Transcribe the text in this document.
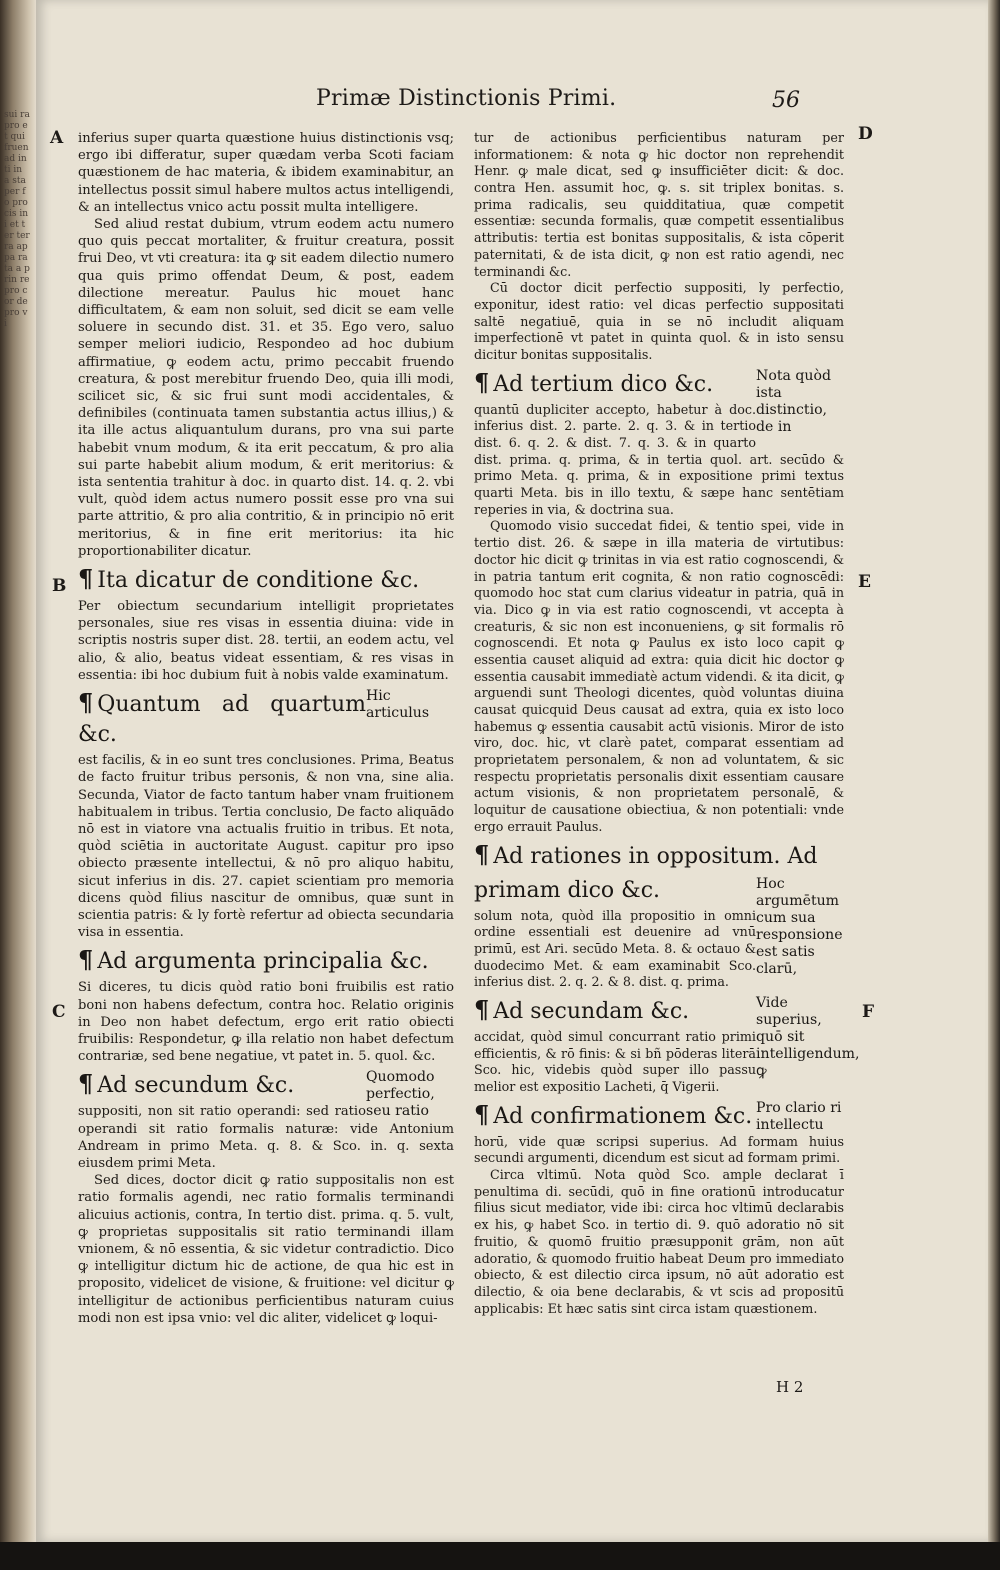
sui ra pro et qui fruen ad in ti in a sta per fo pro cis ini et ter ter ra ap pa ra ta a prin re pro cor de pro vi
Primæ Distinctionis Primi.	56
A
B
C
D
E
F

inferius super quarta quæstione huius distinctionis vsq; ergo ibi differatur, super quædam verba Scoti faciam quæstionem de hac materia, & ibidem examinabitur, an intellectus possit simul habere multos actus intelligendi, & an intellectus vnico actu possit multa intelligere.

Sed aliud restat dubium, vtrum eodem actu numero quo quis peccat mortaliter, & fruitur creatura, possit frui Deo, vt vti creatura: ita ꝙ sit eadem dilectio numero qua quis primo offendat Deum, & post, eadem dilectione mereatur. Paulus hic mouet hanc difficultatem, & eam non soluit, sed dicit se eam velle soluere in secundo dist. 31. et 35. Ego vero, saluo semper meliori iudicio, Respondeo ad hoc dubium affirmatiue, ꝙ eodem actu, primo peccabit fruendo creatura, & post merebitur fruendo Deo, quia illi modi, scilicet sic, & sic frui sunt modi accidentales, & definibiles (continuata tamen substantia actus illius,) & ita ille actus aliquantulum durans, pro vna sui parte habebit vnum modum, & ita erit peccatum, & pro alia sui parte habebit alium modum, & erit meritorius: & ista sententia trahitur à doc. in quarto dist. 14. q. 2. vbi vult, quòd idem actus numero possit esse pro vna sui parte attritio, & pro alia contritio, & in principio nō erit meritorius, & in fine erit meritorius: ita hic proportionabiliter dicatur.

¶ Ita dicatur de conditione &c.

Per obiectum secundarium intelligit proprietates personales, siue res visas in essentia diuina: vide in scriptis nostris super dist. 28. tertii, an eodem actu, vel alio, & alio, beatus videat essentiam, & res visas in essentia: ibi hoc dubium fuit à nobis valde examinatum.

Hic articulus
¶ Quantum ad quartum &c.

est facilis, & in eo sunt tres conclusiones. Prima, Beatus de facto fruitur tribus personis, & non vna, sine alia. Secunda, Viator de facto tantum haber vnam fruitionem habitualem in tribus. Tertia conclusio, De facto aliquādo nō est in viatore vna actualis fruitio in tribus. Et nota, quòd sciētia in auctoritate August. capitur pro ipso obiecto præsente intellectui, & nō pro aliquo habitu, sicut inferius in dis. 27. capiet scientiam pro memoria dicens quòd filius nascitur de omnibus, quæ sunt in scientia patris: & ly fortè refertur ad obiecta secundaria visa in essentia.

¶ Ad argumenta principalia &c.

Si diceres, tu dicis quòd ratio boni fruibilis est ratio boni non habens defectum, contra hoc. Relatio originis in Deo non habet defectum, ergo erit ratio obiecti fruibilis: Respondetur, ꝙ illa relatio non habet defectum contrariæ, sed bene negatiue, vt patet in. 5. quol. &c.

Quomodo perfectio, seu ratio
¶ Ad secundum &c.

suppositi, non sit ratio operandi: sed ratio operandi sit ratio formalis naturæ: vide Antonium Andream in primo Meta. q. 8. & Sco. in. q. sexta eiusdem primi Meta.

Sed dices, doctor dicit ꝙ ratio suppositalis non est ratio formalis agendi, nec ratio formalis terminandi alicuius actionis, contra, In tertio dist. prima. q. 5. vult, ꝙ proprietas suppositalis sit ratio terminandi illam vnionem, & nō essentia, & sic videtur contradictio. Dico ꝙ intelligitur dictum hic de actione, de qua hic est in proposito, videlicet de visione, & fruitione: vel dicitur ꝙ intelligitur de actionibus perficientibus naturam cuius modi non est ipsa vnio: vel dic aliter, videlicet ꝙ loqui-

tur de actionibus perficientibus naturam per informationem: & nota ꝙ hic doctor non reprehendit Henr. ꝙ male dicat, sed ꝙ insufficiēter dicit: & doc. contra Hen. assumit hoc, ꝙ. s. sit triplex bonitas. s. prima radicalis, seu quidditatiua, quæ competit essentiæ: secunda formalis, quæ competit essentialibus attributis: tertia est bonitas suppositalis, & ista cōperit paternitati, & de ista dicit, ꝙ non est ratio agendi, nec terminandi &c.

Cū doctor dicit perfectio suppositi, ly perfectio, exponitur, idest ratio: vel dicas perfectio suppositati saltē negatiuē, quia in se nō includit aliquam imperfectionē vt patet in quinta quol. & in isto sensu dicitur bonitas suppositalis.

Nota quòd ista distinctio, de in
¶ Ad tertium dico &c.

quantū dupliciter accepto, habetur à doc. inferius dist. 2. parte. 2. q. 3. & in tertio dist. 6. q. 2. & dist. 7. q. 3. & in quarto dist. prima. q. prima, & in tertia quol. art. secūdo & primo Meta. q. prima, & in expositione primi textus quarti Meta. bis in illo textu, & sæpe hanc sentētiam reperies in via, & doctrina sua.

Quomodo visio succedat fidei, & tentio spei, vide in tertio dist. 26. & sæpe in illa materia de virtutibus: doctor hic dicit ꝙ trinitas in via est ratio cognoscendi, & in patria tantum erit cognita, & non ratio cognoscēdi: quomodo hoc stat cum clarius videatur in patria, quā in via. Dico ꝙ in via est ratio cognoscendi, vt accepta à creaturis, & sic non est inconueniens, ꝙ sit formalis rō cognoscendi. Et nota ꝙ Paulus ex isto loco capit ꝙ essentia causet aliquid ad extra: quia dicit hic doctor ꝙ essentia causabit immediatè actum videndi. & ita dicit, ꝙ arguendi sunt Theologi dicentes, quòd voluntas diuina causat quicquid Deus causat ad extra, quia ex isto loco habemus ꝙ essentia causabit actū visionis. Miror de isto viro, doc. hic, vt clarè patet, comparat essentiam ad proprietatem personalem, & non ad voluntatem, & sic respectu proprietatis personalis dixit essentiam causare actum visionis, & non proprietatem personalē, & loquitur de causatione obiectiua, & non potentiali: vnde ergo errauit Paulus.

¶ Ad rationes in oppositum. Ad
Hoc argumētum cum sua responsione est satis clarū,
primam dico &c.

solum nota, quòd illa propositio in omni ordine essentiali est deuenire ad vnū primū, est Ari. secūdo Meta. 8. & octauo & duodecimo Met. & eam examinabit Sco. inferius dist. 2. q. 2. & 8. dist. q. prima.

Vide superius, quō sit intelligendum, ꝙ
¶ Ad secundam &c.

accidat, quòd simul concurrant ratio primi efficientis, & rō finis: & si bñ pōderas literā Sco. hic, videbis quòd super illo passu melior est expositio Lacheti, q̄ Vigerii.

Pro clario ri intellectu
¶ Ad confirmationem &c.

horū, vide quæ scripsi superius. Ad formam huius secundi argumenti, dicendum est sicut ad formam primi.

Circa vltimū. Nota quòd Sco. ample declarat ī penultima di. secūdi, quō in fine orationū introducatur filius sicut mediator, vide ibi: circa hoc vltimū declarabis ex his, ꝙ habet Sco. in tertio di. 9. quō adoratio nō sit fruitio, & quomō fruitio præsupponit grām, non aūt adoratio, & quomodo fruitio habeat Deum pro immediato obiecto, & est dilectio circa ipsum, nō aūt adoratio est dilectio, & oia bene declarabis, & vt scis ad propositū applicabis: Et hæc satis sint circa istam quæstionem.

H 2
